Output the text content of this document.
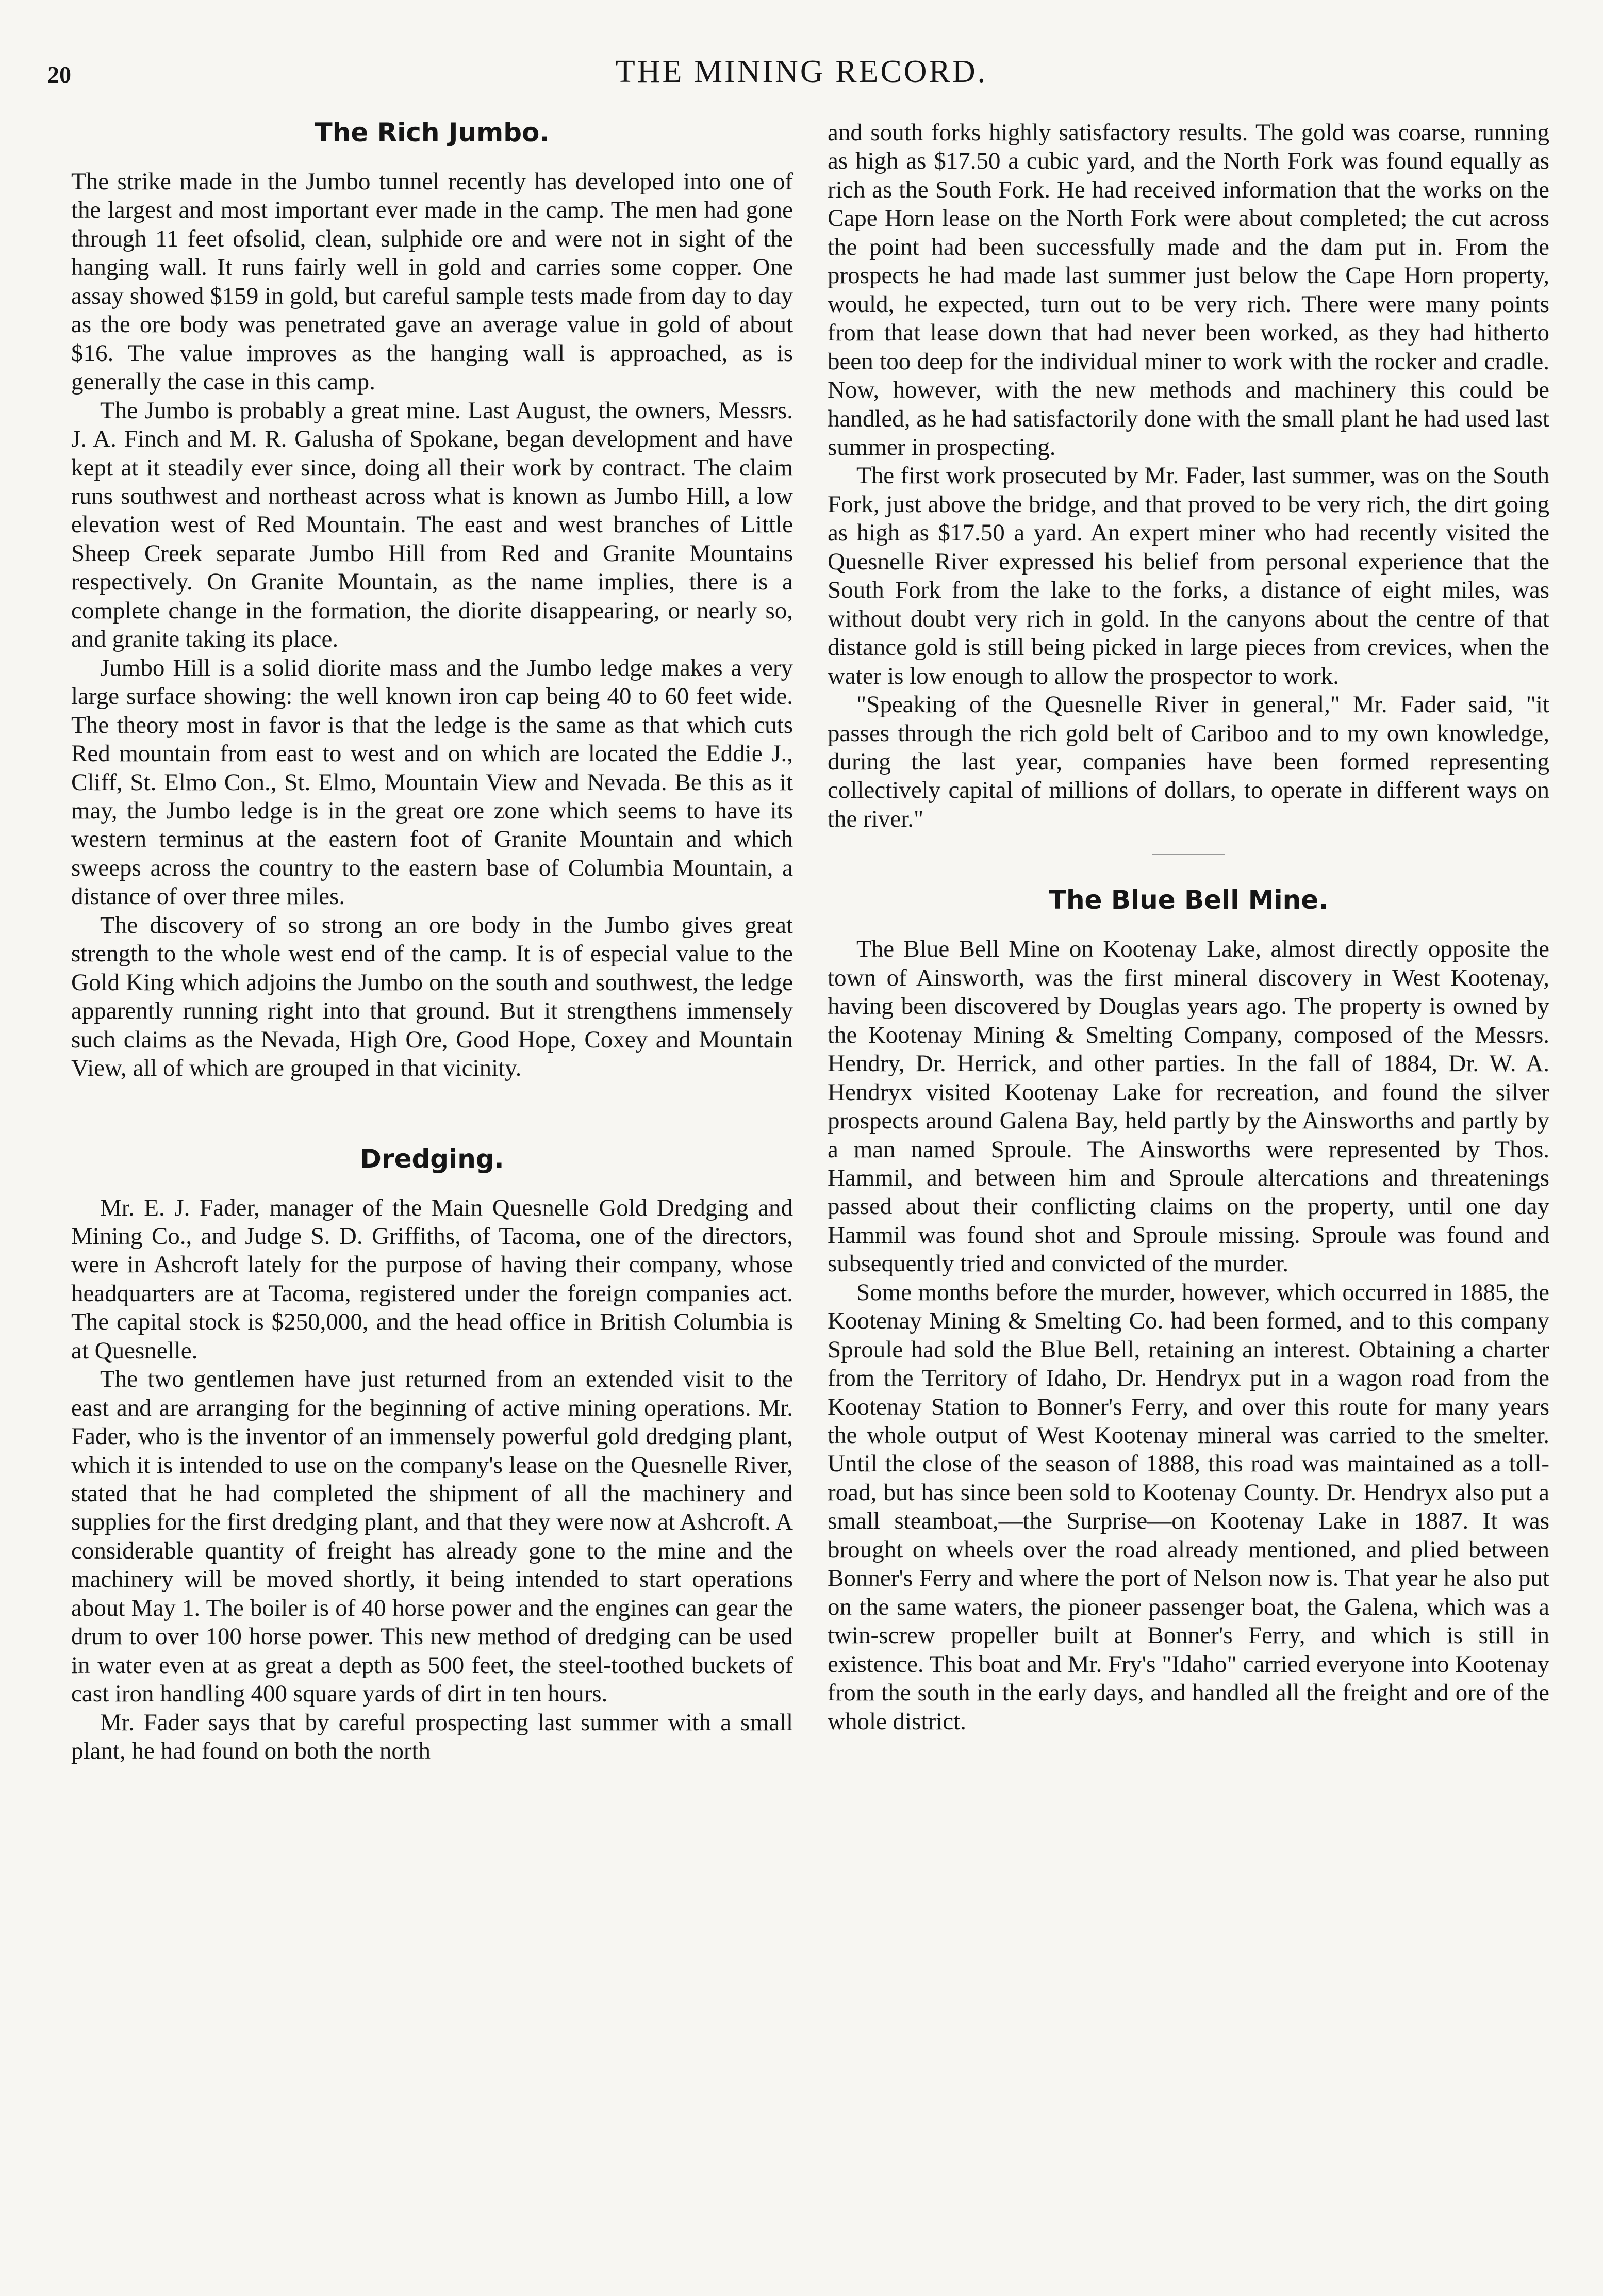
20	THE MINING RECORD.
The Rich Jumbo.

The strike made in the Jumbo tunnel recently has developed into one of the largest and most important ever made in the camp. The men had gone through 11 feet ofsolid, clean, sulphide ore and were not in sight of the hanging wall. It runs fairly well in gold and carries some copper. One assay showed $159 in gold, but careful sample tests made from day to day as the ore body was penetrated gave an average value in gold of about $16. The value improves as the hanging wall is approached, as is generally the case in this camp.

The Jumbo is probably a great mine. Last August, the owners, Messrs. J. A. Finch and M. R. Galusha of Spokane, began development and have kept at it steadily ever since, doing all their work by contract. The claim runs southwest and northeast across what is known as Jumbo Hill, a low elevation west of Red Mountain. The east and west branches of Little Sheep Creek separate Jumbo Hill from Red and Granite Mountains respectively. On Granite Mountain, as the name implies, there is a complete change in the formation, the diorite disappearing, or nearly so, and granite taking its place.

Jumbo Hill is a solid diorite mass and the Jumbo ledge makes a very large surface showing: the well known iron cap being 40 to 60 feet wide. The theory most in favor is that the ledge is the same as that which cuts Red mountain from east to west and on which are located the Eddie J., Cliff, St. Elmo Con., St. Elmo, Mountain View and Nevada. Be this as it may, the Jumbo ledge is in the great ore zone which seems to have its western terminus at the eastern foot of Granite Mountain and which sweeps across the country to the eastern base of Columbia Mountain, a distance of over three miles.

The discovery of so strong an ore body in the Jumbo gives great strength to the whole west end of the camp. It is of especial value to the Gold King which adjoins the Jumbo on the south and southwest, the ledge apparently running right into that ground. But it strengthens immensely such claims as the Nevada, High Ore, Good Hope, Coxey and Mountain View, all of which are grouped in that vicinity.

Dredging.

Mr. E. J. Fader, manager of the Main Quesnelle Gold Dredging and Mining Co., and Judge S. D. Griffiths, of Tacoma, one of the directors, were in Ashcroft lately for the purpose of having their company, whose headquarters are at Tacoma, registered under the foreign companies act. The capital stock is $250,000, and the head office in British Columbia is at Quesnelle.

The two gentlemen have just returned from an extended visit to the east and are arranging for the beginning of active mining operations. Mr. Fader, who is the inventor of an immensely powerful gold dredging plant, which it is intended to use on the company's lease on the Quesnelle River, stated that he had completed the shipment of all the machinery and supplies for the first dredging plant, and that they were now at Ashcroft. A considerable quantity of freight has already gone to the mine and the machinery will be moved shortly, it being intended to start operations about May 1. The boiler is of 40 horse power and the engines can gear the drum to over 100 horse power. This new method of dredging can be used in water even at as great a depth as 500 feet, the steel-toothed buckets of cast iron handling 400 square yards of dirt in ten hours.

Mr. Fader says that by careful prospecting last summer with a small plant, he had found on both the north

and south forks highly satisfactory results. The gold was coarse, running as high as $17.50 a cubic yard, and the North Fork was found equally as rich as the South Fork. He had received information that the works on the Cape Horn lease on the North Fork were about completed; the cut across the point had been successfully made and the dam put in. From the prospects he had made last summer just below the Cape Horn property, would, he expected, turn out to be very rich. There were many points from that lease down that had never been worked, as they had hitherto been too deep for the individual miner to work with the rocker and cradle. Now, however, with the new methods and machinery this could be handled, as he had satisfactorily done with the small plant he had used last summer in prospecting.

The first work prosecuted by Mr. Fader, last summer, was on the South Fork, just above the bridge, and that proved to be very rich, the dirt going as high as $17.50 a yard. An expert miner who had recently visited the Quesnelle River expressed his belief from personal experience that the South Fork from the lake to the forks, a distance of eight miles, was without doubt very rich in gold. In the canyons about the centre of that distance gold is still being picked in large pieces from crevices, when the water is low enough to allow the prospector to work.

"Speaking of the Quesnelle River in general," Mr. Fader said, "it passes through the rich gold belt of Cariboo and to my own knowledge, during the last year, companies have been formed representing collectively capital of millions of dollars, to operate in different ways on the river."

The Blue Bell Mine.

The Blue Bell Mine on Kootenay Lake, almost directly opposite the town of Ainsworth, was the first mineral discovery in West Kootenay, having been discovered by Douglas years ago. The property is owned by the Kootenay Mining & Smelting Company, composed of the Messrs. Hendry, Dr. Herrick, and other parties. In the fall of 1884, Dr. W. A. Hendryx visited Kootenay Lake for recreation, and found the silver prospects around Galena Bay, held partly by the Ainsworths and partly by a man named Sproule. The Ainsworths were represented by Thos. Hammil, and between him and Sproule altercations and threatenings passed about their conflicting claims on the property, until one day Hammil was found shot and Sproule missing. Sproule was found and subsequently tried and convicted of the murder.

Some months before the murder, however, which occurred in 1885, the Kootenay Mining & Smelting Co. had been formed, and to this company Sproule had sold the Blue Bell, retaining an interest. Obtaining a charter from the Territory of Idaho, Dr. Hendryx put in a wagon road from the Kootenay Station to Bonner's Ferry, and over this route for many years the whole output of West Kootenay mineral was carried to the smelter. Until the close of the season of 1888, this road was maintained as a toll-road, but has since been sold to Kootenay County. Dr. Hendryx also put a small steamboat,—the Surprise—on Kootenay Lake in 1887. It was brought on wheels over the road already mentioned, and plied between Bonner's Ferry and where the port of Nelson now is. That year he also put on the same waters, the pioneer passenger boat, the Galena, which was a twin-screw propeller built at Bonner's Ferry, and which is still in existence. This boat and Mr. Fry's "Idaho" carried everyone into Kootenay from the south in the early days, and handled all the freight and ore of the whole district.
